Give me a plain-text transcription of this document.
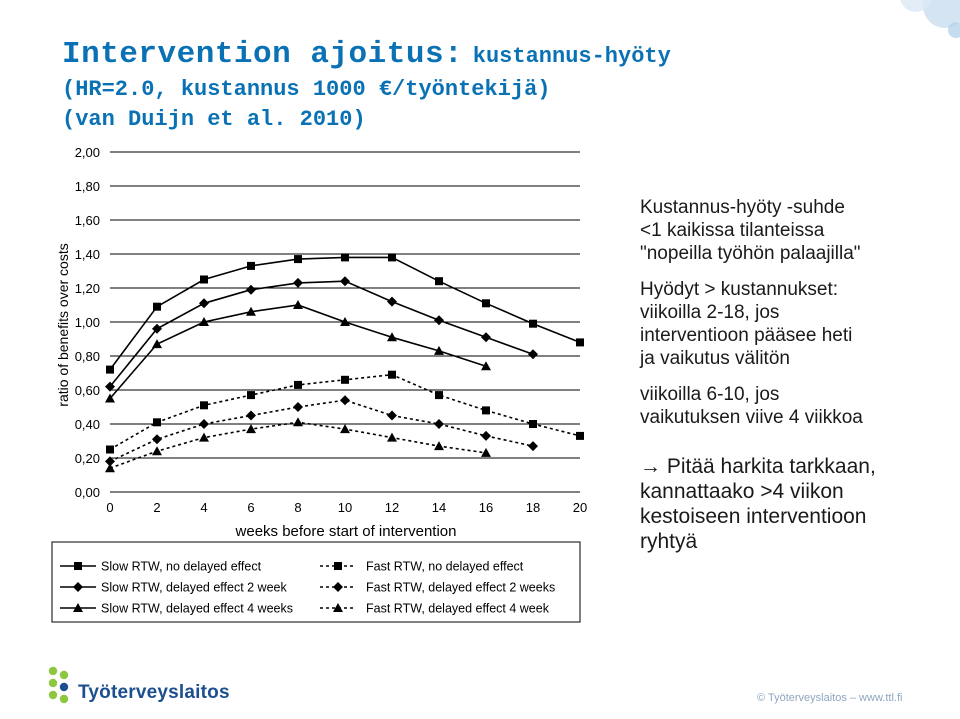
Intervention ajoitus: kustannus-hyöty
(HR=2.0, kustannus 1000 €/työntekijä)
(van Duijn et al. 2010)
0,00
0,20
0,40
0,60
0,80
1,00
1,20
1,40
1,60
1,80
2,00
0	2	4	6	8	10	12	14	16	18	20
ratio of benefits over costs
weeks before start of intervention
Slow RTW, no delayed effect
Slow RTW, delayed effect 2 week
Slow RTW, delayed effect 4 weeks
Fast RTW, no delayed effect
Fast RTW, delayed effect 2 weeks
Fast RTW, delayed effect 4 week

Kustannus-hyöty -suhde
<1 kaikissa tilanteissa
"nopeilla työhön palaajilla"

Hyödyt > kustannukset:
viikoilla 2-18, jos
interventioon pääsee heti
ja vaikutus välitön

viikoilla 6-10, jos
vaikutuksen viive 4 viikkoa

→ Pitää harkita tarkkaan,
kannattaako >4 viikon
kestoiseen interventioon
ryhtyä

Työterveyslaitos	© Työterveyslaitos – www.ttl.fi
